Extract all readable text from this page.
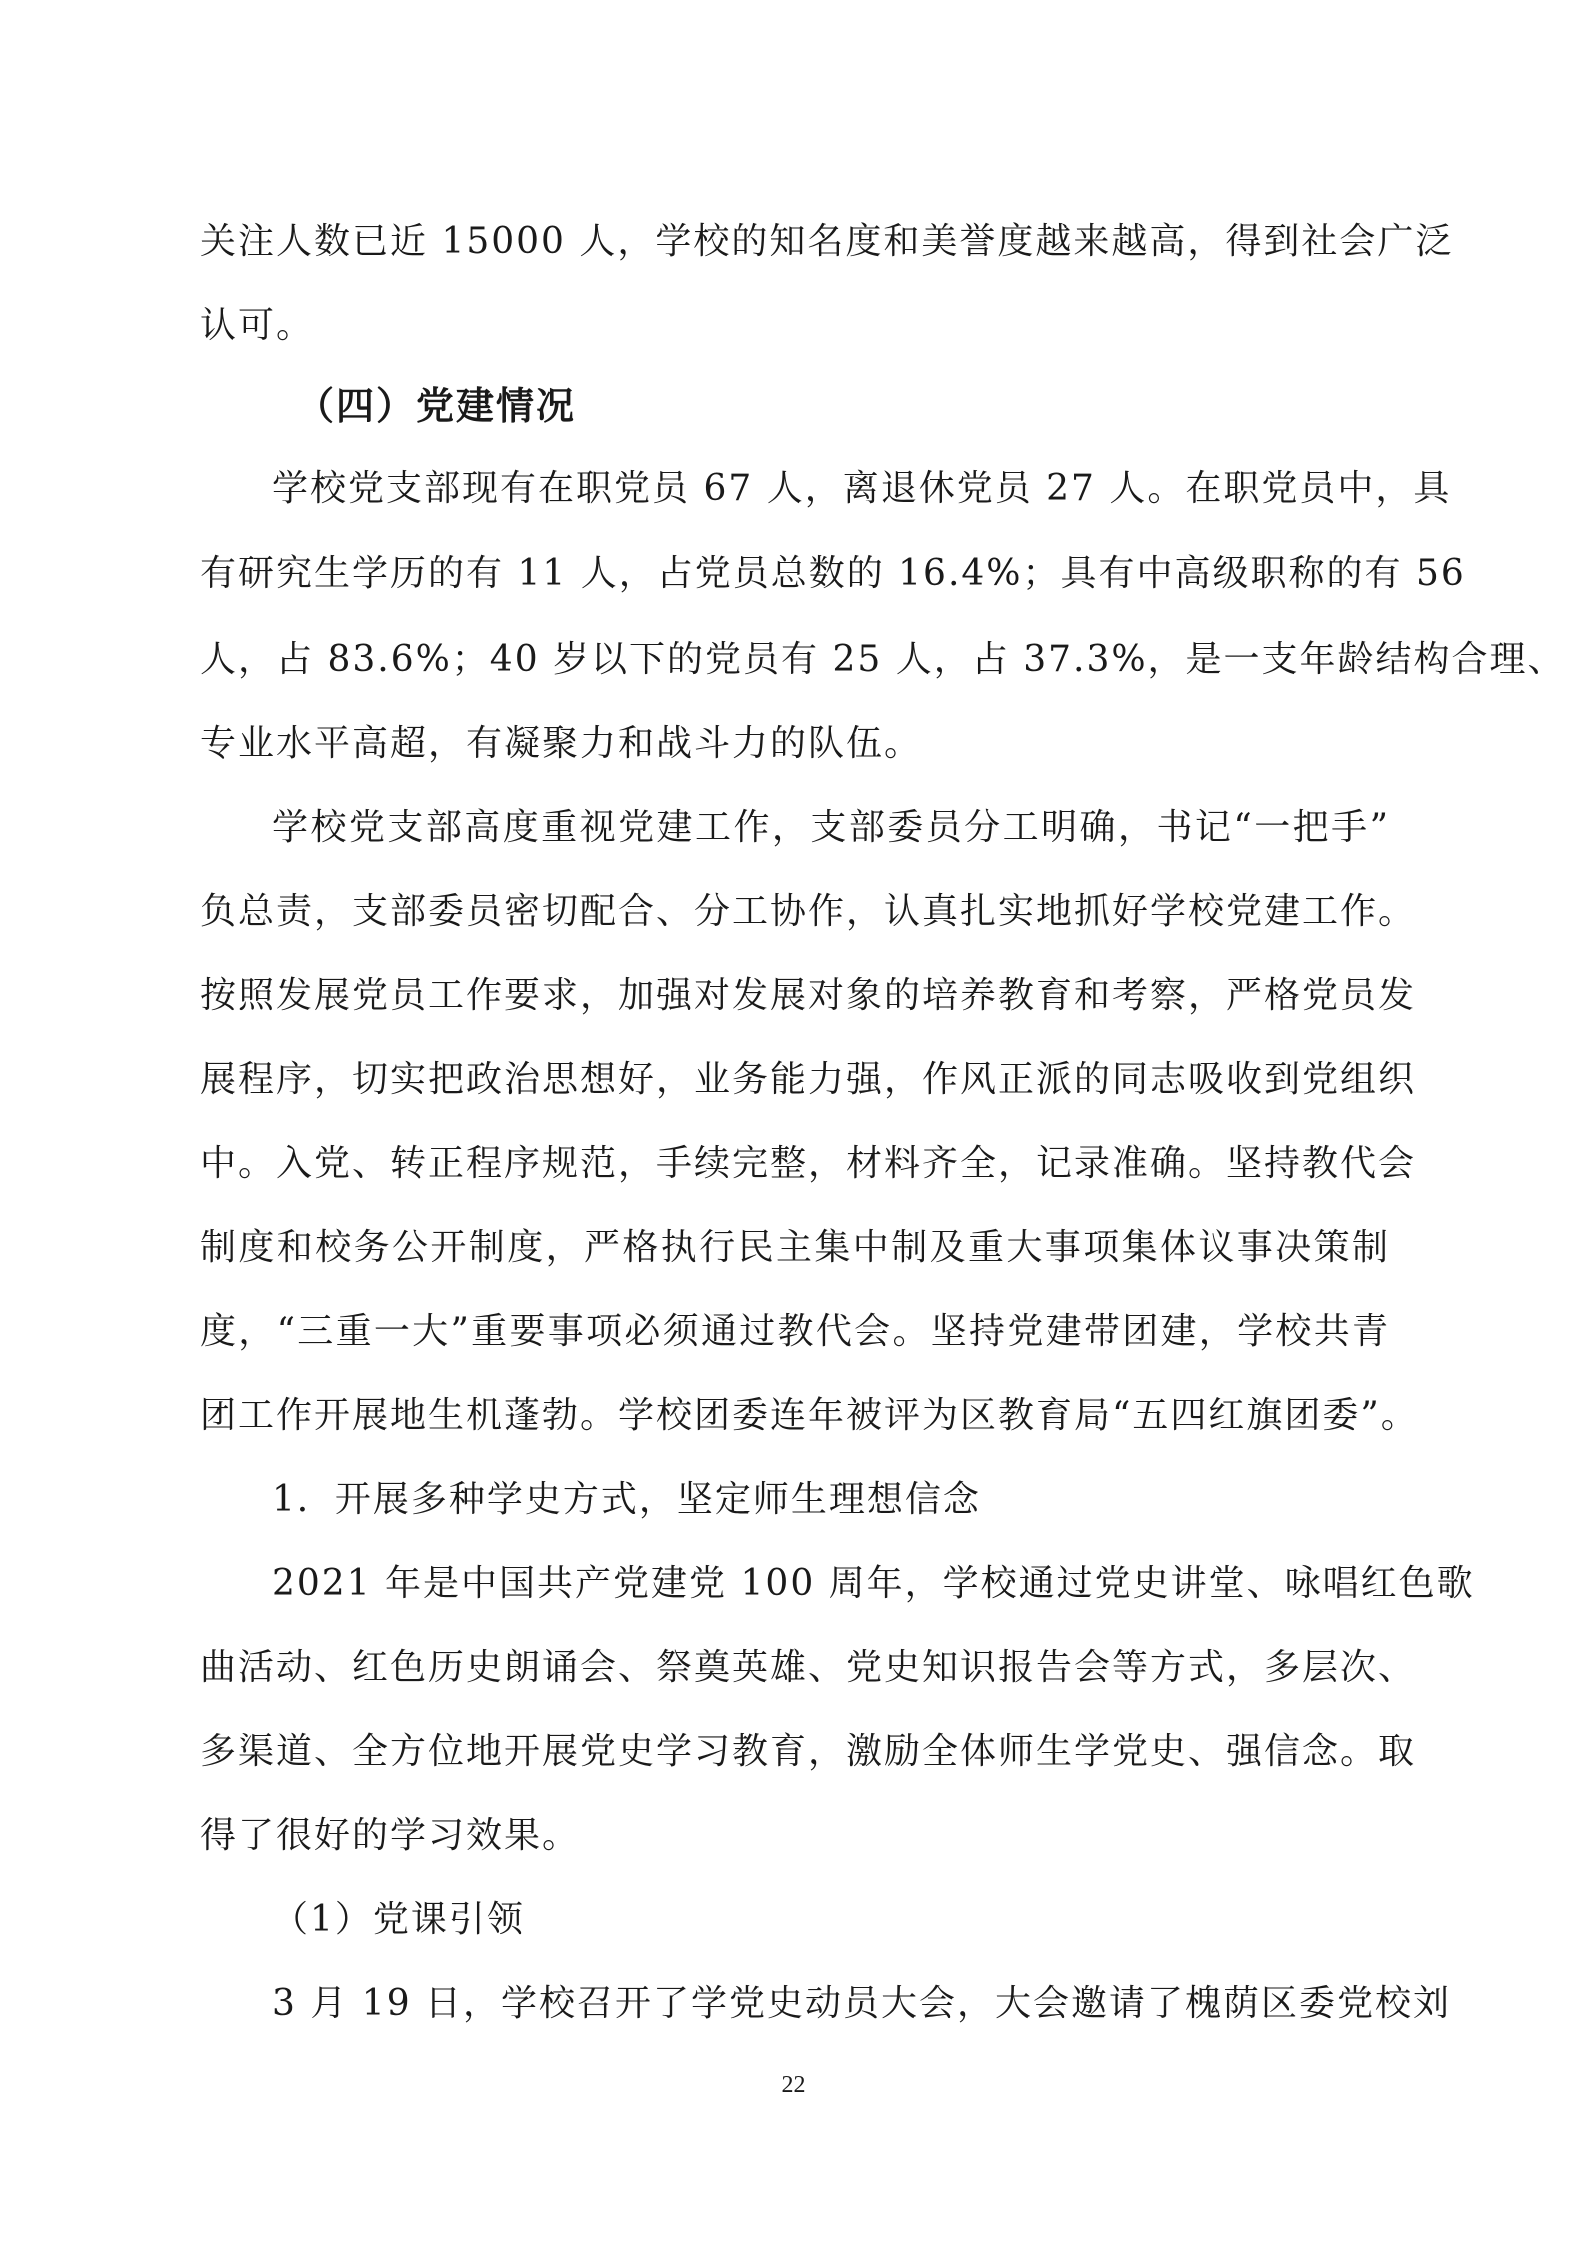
关注人数已近 15000 人，学校的知名度和美誉度越来越高，得到社会广泛
认可。
（四）党建情况
学校党支部现有在职党员 67 人，离退休党员 27 人。在职党员中，具
有研究生学历的有 11 人，占党员总数的 16.4%；具有中高级职称的有 56
人，占 83.6%；40 岁以下的党员有 25 人，占 37.3%，是一支年龄结构合理、
专业水平高超，有凝聚力和战斗力的队伍。
学校党支部高度重视党建工作，支部委员分工明确，书记“一把手”
负总责，支部委员密切配合、分工协作，认真扎实地抓好学校党建工作。
按照发展党员工作要求，加强对发展对象的培养教育和考察，严格党员发
展程序，切实把政治思想好，业务能力强，作风正派的同志吸收到党组织
中。入党、转正程序规范，手续完整，材料齐全，记录准确。坚持教代会
制度和校务公开制度，严格执行民主集中制及重大事项集体议事决策制
度，“三重一大”重要事项必须通过教代会。坚持党建带团建，学校共青
团工作开展地生机蓬勃。学校团委连年被评为区教育局“五四红旗团委”。
1．开展多种学史方式，坚定师生理想信念
2021 年是中国共产党建党 100 周年，学校通过党史讲堂、咏唱红色歌
曲活动、红色历史朗诵会、祭奠英雄、党史知识报告会等方式，多层次、
多渠道、全方位地开展党史学习教育，激励全体师生学党史、强信念。取
得了很好的学习效果。
（1）党课引领
3 月 19 日，学校召开了学党史动员大会，大会邀请了槐荫区委党校刘
22
